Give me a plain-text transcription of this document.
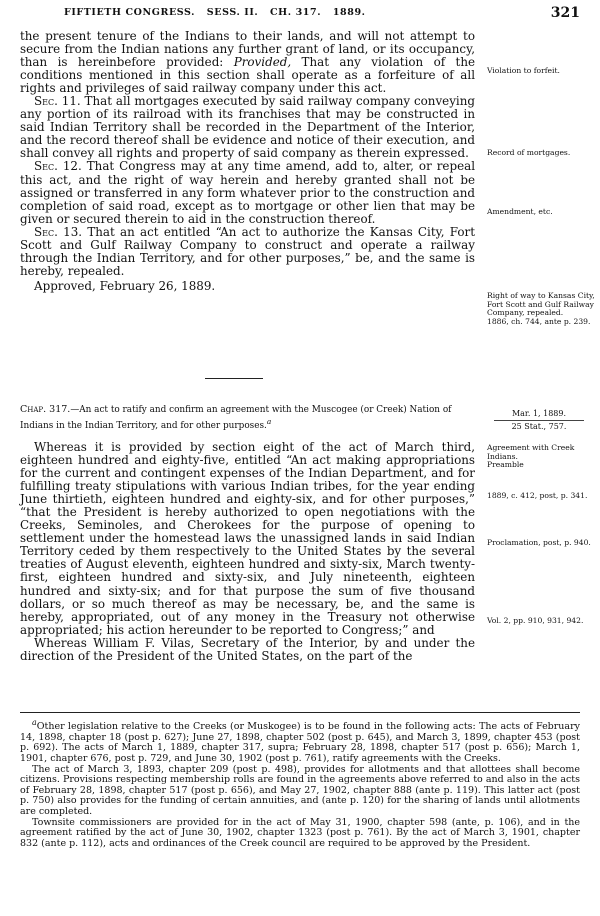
FIFTIETH CONGRESS.   SESS. II.   CH. 317.   1889.	321

the present tenure of the Indians to their lands, and will not attempt to secure from the Indian nations any further grant of land, or its occupancy, than is hereinbefore provided: Provided, That any violation of the conditions mentioned in this section shall operate as a forfeiture of all rights and privileges of said railway company under this act.

Sec. 11. That all mortgages executed by said railway company conveying any portion of its railroad with its franchises that may be constructed in said Indian Territory shall be recorded in the Department of the Interior, and the record thereof shall be evidence and notice of their execution, and shall convey all rights and property of said company as therein expressed.

Sec. 12. That Congress may at any time amend, add to, alter, or repeal this act, and the right of way herein and hereby granted shall not be assigned or transferred in any form whatever prior to the construction and completion of said road, except as to mortgage or other lien that may be given or secured therein to aid in the construction thereof.

Sec. 13. That an act entitled “An act to authorize the Kansas City, Fort Scott and Gulf Railway Company to construct and operate a railway through the Indian Territory, and for other purposes,” be, and the same is hereby, repealed.

Approved, February 26, 1889.

Violation to forfeit.
Record of mortgages.
Amendment, etc.
Right of way to Kansas City, Fort Scott and Gulf Railway Company, repealed.
1886, ch. 744, ante p. 239.
Chap. 317.—An act to ratify and confirm an agreement with the Muscogee (or Creek) Nation of Indians in the Indian Territory, and for other purposes.$^a$
Mar. 1, 1889.
25 Stat., 757.

Whereas it is provided by section eight of the act of March third, eighteen hundred and eighty-five, entitled “An act making appropriations for the current and contingent expenses of the Indian Department, and for fulfilling treaty stipulations with various Indian tribes, for the year ending June thirtieth, eighteen hundred and eighty-six, and for other purposes,” “that the President is hereby authorized to open negotiations with the Creeks, Seminoles, and Cherokees for the purpose of opening to settlement under the homestead laws the unassigned lands in said Indian Territory ceded by them respectively to the United States by the several treaties of August eleventh, eighteen hundred and sixty-six, March twenty-first, eighteen hundred and sixty-six, and July nineteenth, eighteen hundred and sixty-six; and for that purpose the sum of five thousand dollars, or so much thereof as may be necessary, be, and the same is hereby, appropriated, out of any money in the Treasury not otherwise appropriated; his action hereunder to be reported to Congress;” and

Whereas William F. Vilas, Secretary of the Interior, by and under the direction of the President of the United States, on the part of the

Agreement with Creek Indians.
Preamble
1889, c. 412, post, p. 341.
Proclamation, post, p. 940.
Vol. 2, pp. 910, 931, 942.

$^a$Other legislation relative to the Creeks (or Muskogee) is to be found in the following acts: The acts of February 14, 1898, chapter 18 (post p. 627); June 27, 1898, chapter 502 (post p. 645), and March 3, 1899, chapter 453 (post p. 692). The acts of March 1, 1889, chapter 317, supra; February 28, 1898, chapter 517 (post p. 656); March 1, 1901, chapter 676, post p. 729, and June 30, 1902 (post p. 761), ratify agreements with the Creeks.

The act of March 3, 1893, chapter 209 (post p. 498), provides for allotments and that allottees shall become citizens. Provisions respecting membership rolls are found in the agreements above referred to and also in the acts of February 28, 1898, chapter 517 (post p. 656), and May 27, 1902, chapter 888 (ante p. 119). This latter act (post p. 750) also provides for the funding of certain annuities, and (ante p. 120) for the sharing of lands until allotments are completed.

Townsite commissioners are provided for in the act of May 31, 1900, chapter 598 (ante, p. 106), and in the agreement ratified by the act of June 30, 1902, chapter 1323 (post p. 761). By the act of March 3, 1901, chapter 832 (ante p. 112), acts and ordinances of the Creek council are required to be approved by the President.
